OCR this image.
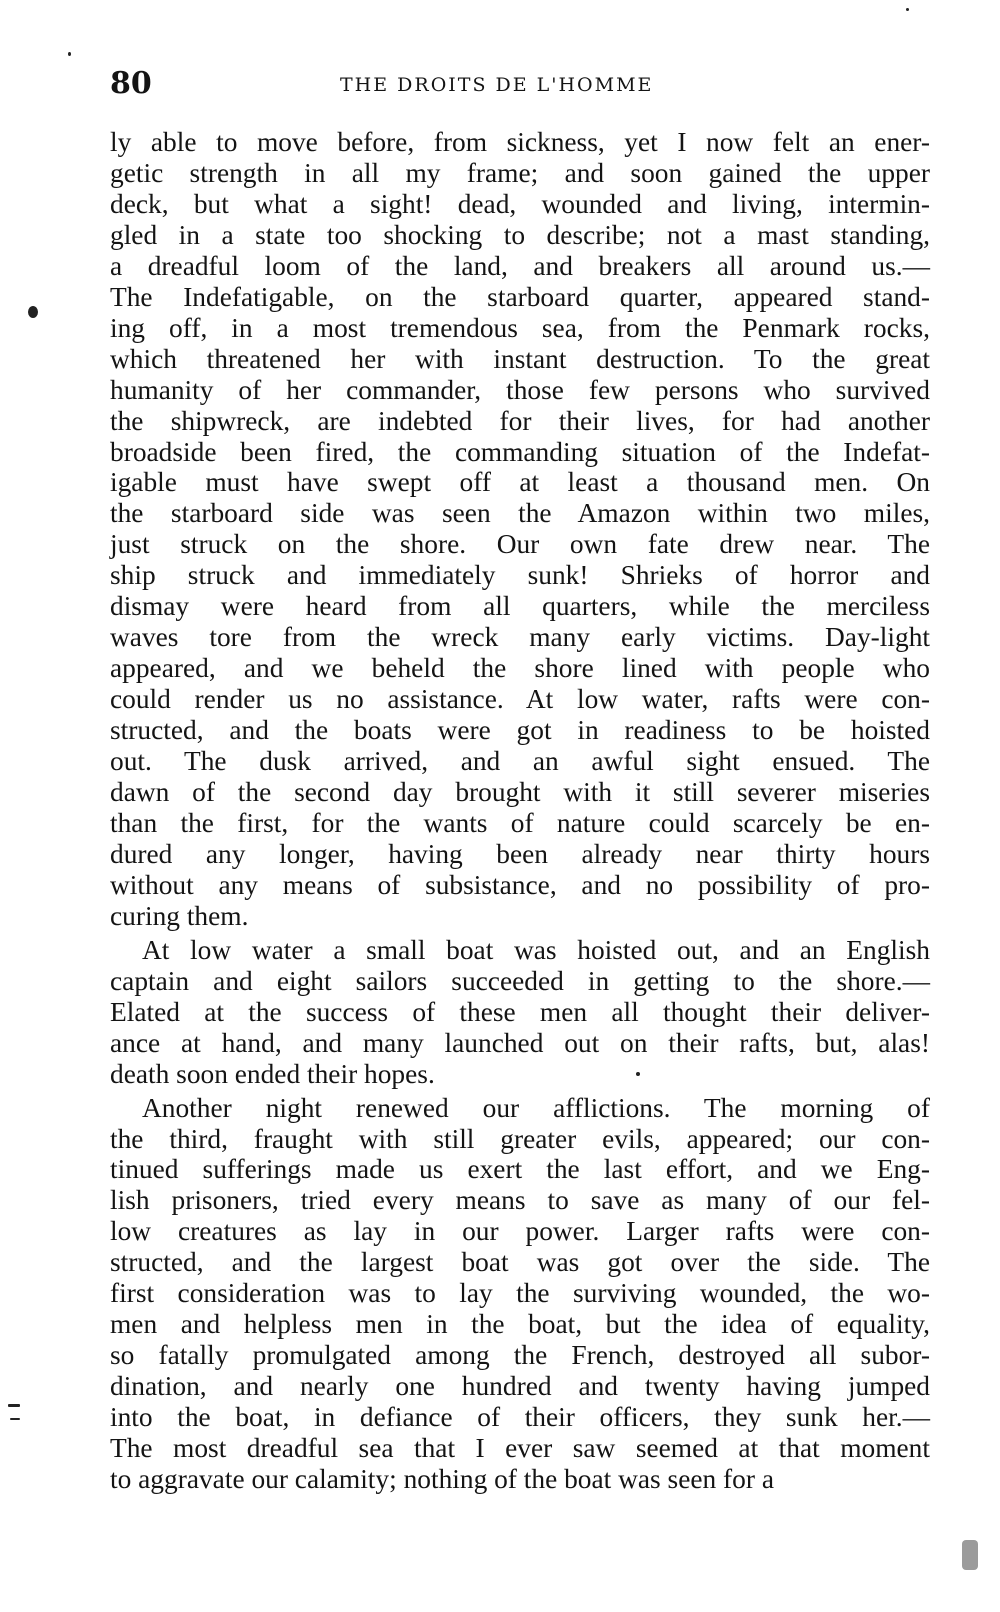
80	THE DROITS DE L'HOMME
ly able to move before, from sickness, yet I now felt an ener-
getic strength in all my frame; and soon gained the upper
deck, but what a sight! dead, wounded and living, intermin-
gled in a state too shocking to describe; not a mast standing,
a dreadful loom of the land, and breakers all around us.—
The Indefatigable, on the starboard quarter, appeared stand-
ing off, in a most tremendous sea, from the Penmark rocks,
which threatened her with instant destruction. To the great
humanity of her commander, those few persons who survived
the shipwreck, are indebted for their lives, for had another
broadside been fired, the commanding situation of the Indefat-
igable must have swept off at least a thousand men. On
the starboard side was seen the Amazon within two miles,
just struck on the shore. Our own fate drew near. The
ship struck and immediately sunk! Shrieks of horror and
dismay were heard from all quarters, while the merciless
waves tore from the wreck many early victims. Day-light
appeared, and we beheld the shore lined with people who
could render us no assistance. At low water, rafts were con-
structed, and the boats were got in readiness to be hoisted
out. The dusk arrived, and an awful sight ensued. The
dawn of the second day brought with it still severer miseries
than the first, for the wants of nature could scarcely be en-
dured any longer, having been already near thirty hours
without any means of subsistance, and no possibility of pro-
curing them.
At low water a small boat was hoisted out, and an English
captain and eight sailors succeeded in getting to the shore.—
Elated at the success of these men all thought their deliver-
ance at hand, and many launched out on their rafts, but, alas!
death soon ended their hopes.
Another night renewed our afflictions. The morning of
the third, fraught with still greater evils, appeared; our con-
tinued sufferings made us exert the last effort, and we Eng-
lish prisoners, tried every means to save as many of our fel-
low creatures as lay in our power. Larger rafts were con-
structed, and the largest boat was got over the side. The
first consideration was to lay the surviving wounded, the wo-
men and helpless men in the boat, but the idea of equality,
so fatally promulgated among the French, destroyed all subor-
dination, and nearly one hundred and twenty having jumped
into the boat, in defiance of their officers, they sunk her.—
The most dreadful sea that I ever saw seemed at that moment
to aggravate our calamity; nothing of the boat was seen for a
